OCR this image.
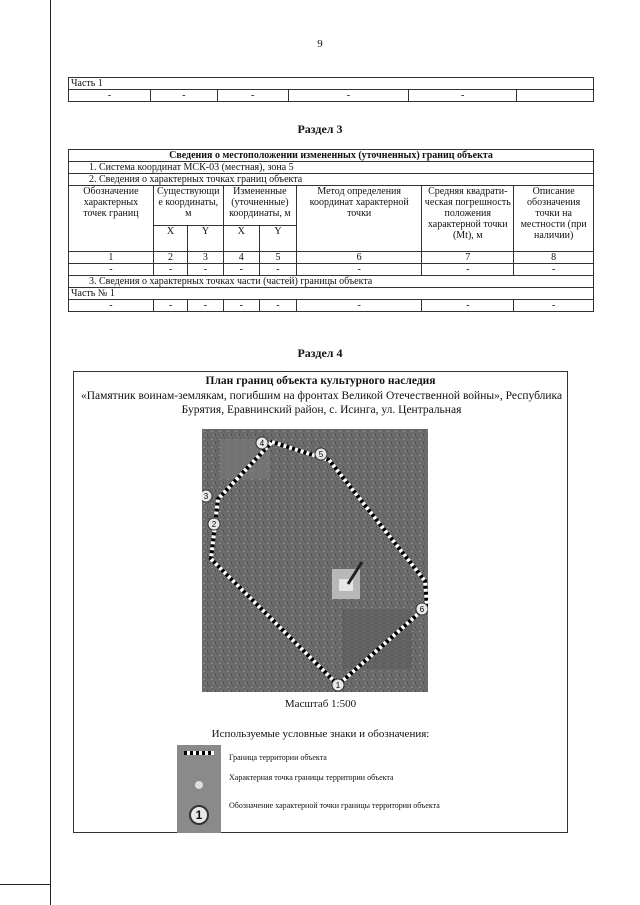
9
Часть 1
-	-	-	-	-	
Раздел 3
Сведения о местоположении измененных (уточненных) границ объекта							
1. Система координат МСК-03 (местная), зона 5							
2. Сведения о характерных точках границ объекта							
Обозначение характерных точек границ	Существующи е координаты, м		Измененные (уточненные) координаты, м		Метод определения координат характерной точки	Средняя квадрати-ческая погрешность положения характерной точки (Mt), м	Описание обозначения точки на местности (при наличии)
	X	Y	X	Y			
1	2	3	4	5	6	7	8
-	-	-	-	-	-	-	-
3. Сведения о характерных точках части (частей) границы объекта							
Часть № 1							
-	-	-	-	-	-	-	-
Раздел 4
План границ объекта культурного наследия
«Памятник воинам-землякам, погибшим на фронтах Великой Отечественной войны», Республика Бурятия, Еравнинский район, с. Исинга, ул. Центральная
1
2
3
4
5
6
Масштаб 1:500
Используемые условные знаки и обозначения:
Граница территории объекта
Характерная точка границы территории объекта
1
Обозначение характерной точки границы территории объекта
